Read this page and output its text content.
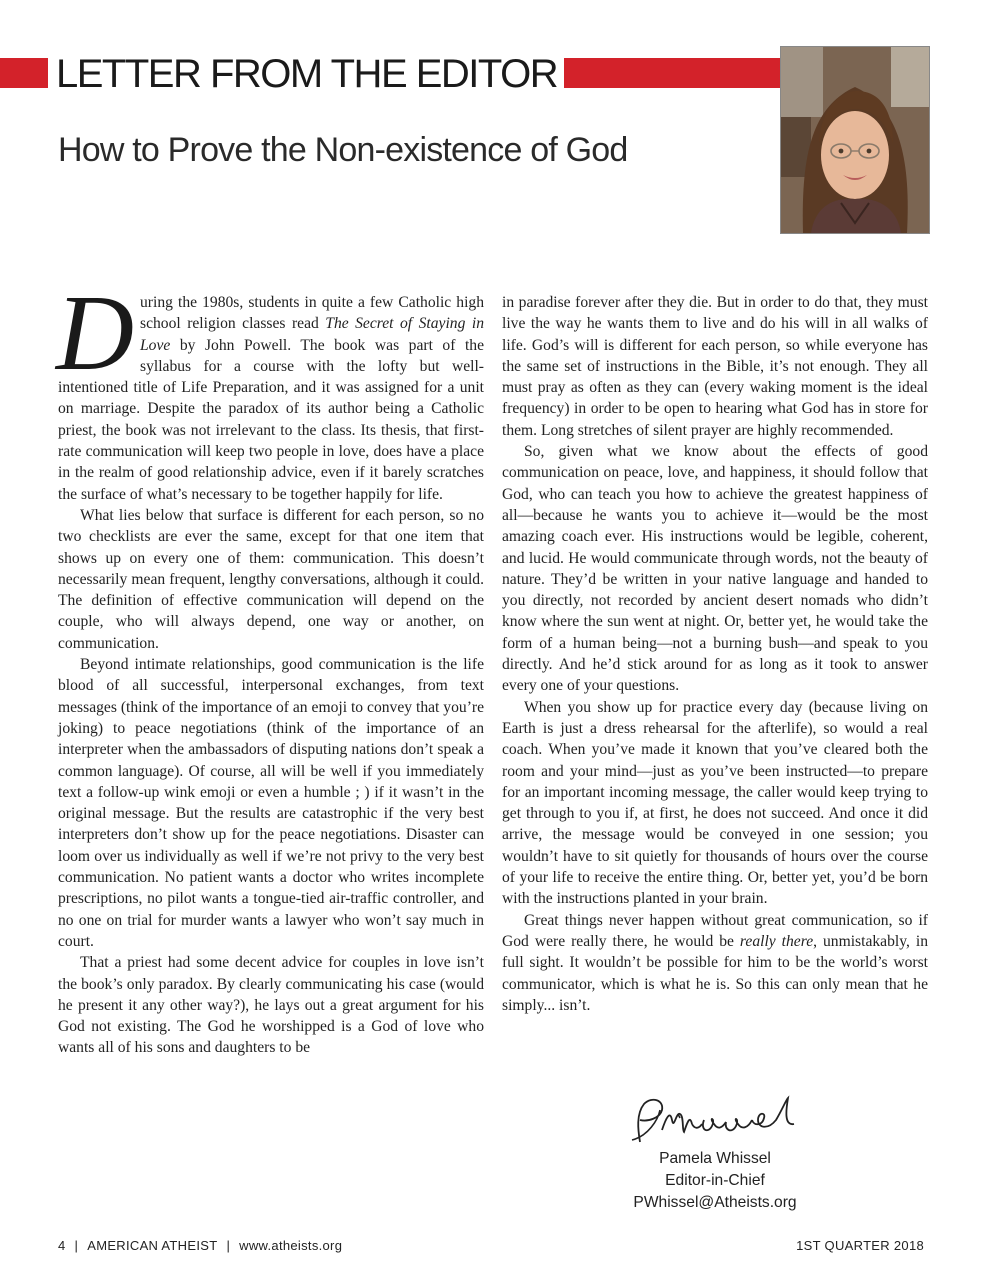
LETTER FROM THE EDITOR
How to Prove the Non-existence of God

During the 1980s, students in quite a few Catholic high school religion classes read The Secret of Staying in Love by John Powell. The book was part of the syllabus for a course with the lofty but well-intentioned title of Life Preparation, and it was assigned for a unit on marriage. Despite the paradox of its author being a Catholic priest, the book was not irrelevant to the class. Its thesis, that first-rate communication will keep two people in love, does have a place in the realm of good relationship advice, even if it barely scratches the surface of what’s necessary to be together happily for life.

What lies below that surface is different for each person, so no two checklists are ever the same, except for that one item that shows up on every one of them: communication. This doesn’t necessarily mean frequent, lengthy conversations, although it could. The definition of effective communication will depend on the couple, who will always depend, one way or another, on communication.

Beyond intimate relationships, good communication is the life blood of all successful, interpersonal exchanges, from text messages (think of the importance of an emoji to convey that you’re joking) to peace negotiations (think of the importance of an interpreter when the ambassadors of disputing nations don’t speak a common language). Of course, all will be well if you immediately text a follow-up wink emoji or even a humble ; ) if it wasn’t in the original message. But the results are catastrophic if the very best interpreters don’t show up for the peace negotiations. Disaster can loom over us individually as well if we’re not privy to the very best communication. No patient wants a doctor who writes incomplete prescriptions, no pilot wants a tongue-tied air-traffic controller, and no one on trial for murder wants a lawyer who won’t say much in court.

That a priest had some decent advice for couples in love isn’t the book’s only paradox. By clearly communicating his case (would he present it any other way?), he lays out a great argument for his God not existing. The God he worshipped is a God of love who wants all of his sons and daughters to be

in paradise forever after they die. But in order to do that, they must live the way he wants them to live and do his will in all walks of life. God’s will is different for each person, so while everyone has the same set of instructions in the Bible, it’s not enough. They all must pray as often as they can (every waking moment is the ideal frequency) in order to be open to hearing what God has in store for them. Long stretches of silent prayer are highly recommended.

So, given what we know about the effects of good communication on peace, love, and happiness, it should follow that God, who can teach you how to achieve the greatest happiness of all—because he wants you to achieve it—would be the most amazing coach ever. His instructions would be legible, coherent, and lucid. He would communicate through words, not the beauty of nature. They’d be written in your native language and handed to you directly, not recorded by ancient desert nomads who didn’t know where the sun went at night. Or, better yet, he would take the form of a human being—not a burning bush—and speak to you directly. And he’d stick around for as long as it took to answer every one of your questions.

When you show up for practice every day (because living on Earth is just a dress rehearsal for the afterlife), so would a real coach. When you’ve made it known that you’ve cleared both the room and your mind—just as you’ve been instructed—to prepare for an important incoming message, the caller would keep trying to get through to you if, at first, he does not succeed. And once it did arrive, the message would be conveyed in one session; you wouldn’t have to sit quietly for thousands of hours over the course of your life to receive the entire thing. Or, better yet, you’d be born with the instructions planted in your brain.

Great things never happen without great communication, so if God were really there, he would be really there, unmistakably, in full sight. It wouldn’t be possible for him to be the world’s worst communicator, which is what he is. So this can only mean that he simply... isn’t.

Pamela Whissel
Editor-in-Chief
PWhissel@Atheists.org
4 | AMERICAN ATHEIST | www.atheists.org	1ST QUARTER 2018
